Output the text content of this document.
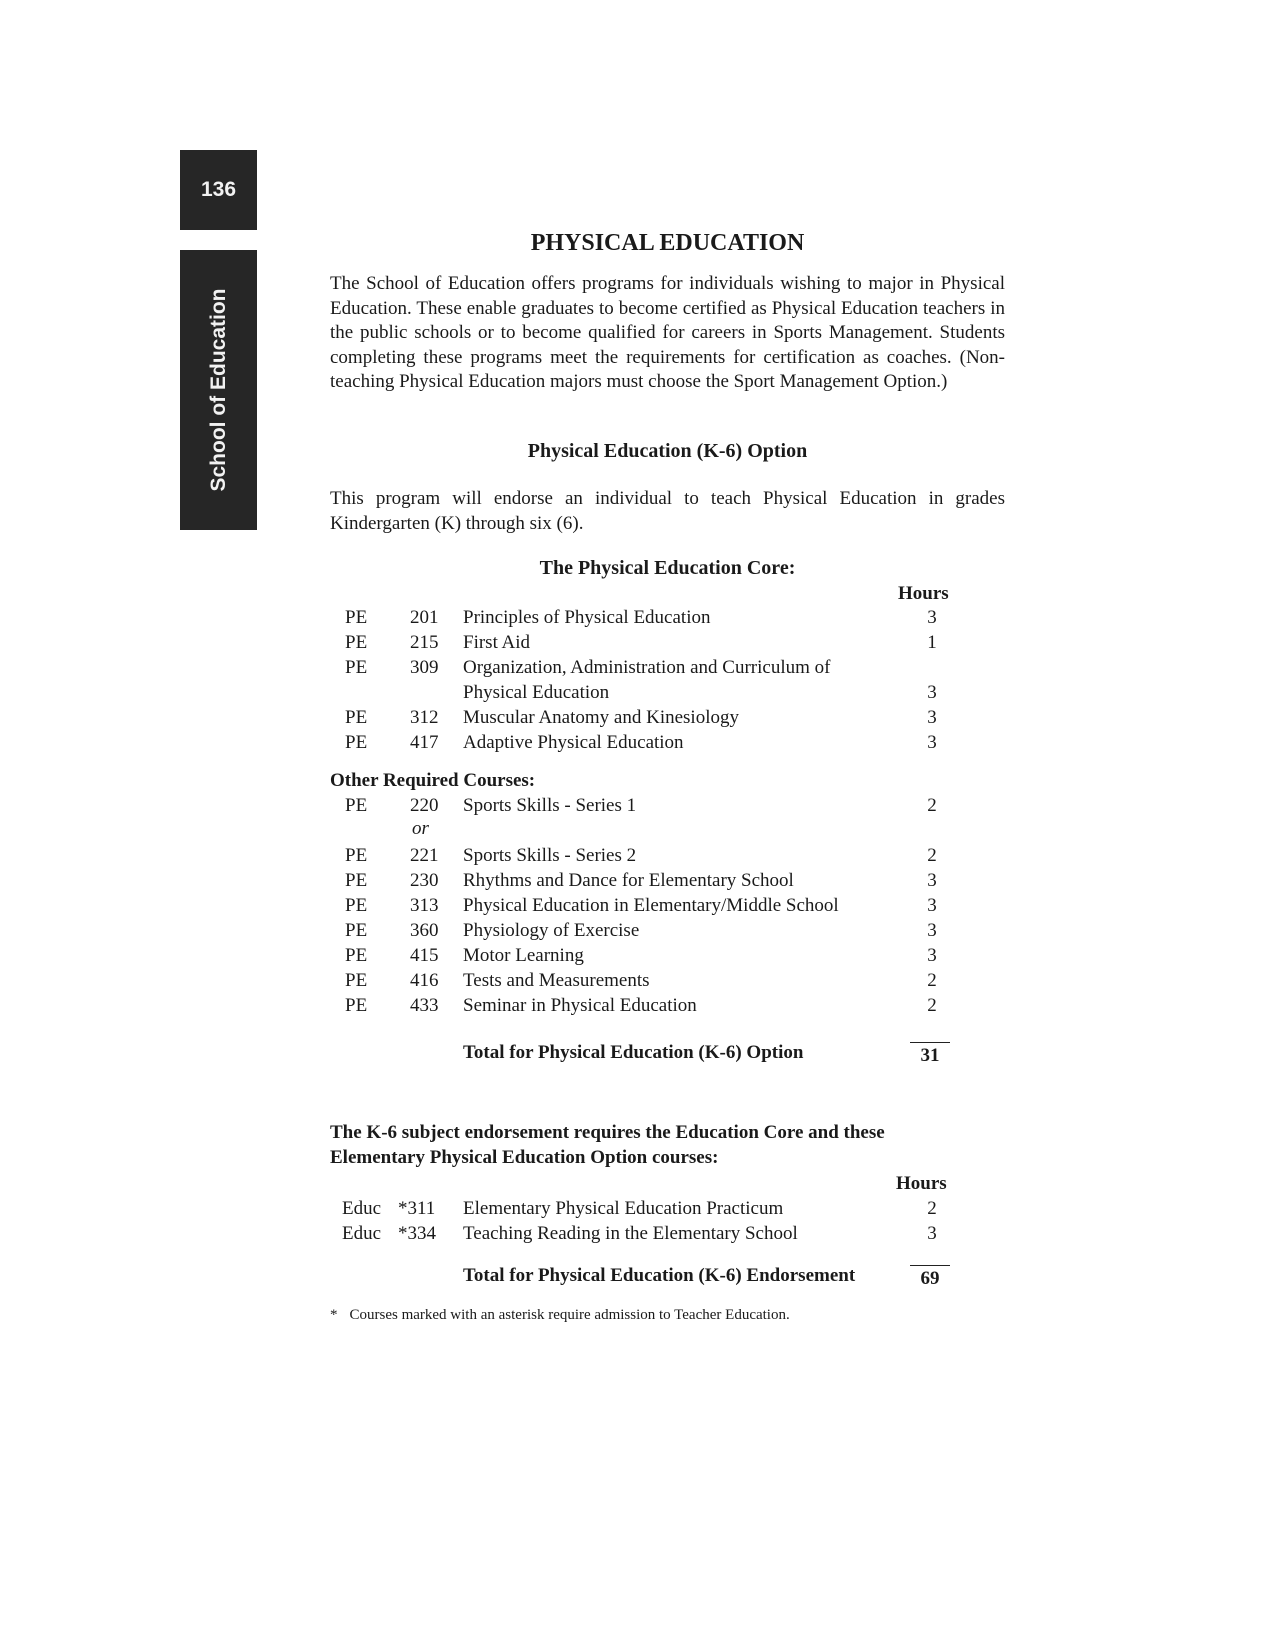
136
School of Education
PHYSICAL EDUCATION

The School of Education offers programs for individuals wishing to major in Physical Education. These enable graduates to become certified as Physical Education teachers in the public schools or to become qualified for careers in Sports Management. Students completing these programs meet the requirements for certification as coaches. (Non-teaching Physical Education majors must choose the Sport Management Option.)

Physical Education (K-6) Option

This program will endorse an individual to teach Physical Education in grades Kindergarten (K) through six (6).

The Physical Education Core:
Hours
PE 201 Principles of Physical Education	3
PE 215 First Aid	1
PE 309 Organization, Administration and Curriculum of
Physical Education	3
PE 312 Muscular Anatomy and Kinesiology	3
PE 417 Adaptive Physical Education	3
Other Required Courses:
PE 220 Sports Skills - Series 1	2
or
PE 221 Sports Skills - Series 2	2
PE 230 Rhythms and Dance for Elementary School	3
PE 313 Physical Education in Elementary/Middle School	3
PE 360 Physiology of Exercise	3
PE 415 Motor Learning	3
PE 416 Tests and Measurements	2
PE 433 Seminar in Physical Education	2
Total for Physical Education (K-6) Option	31

The K-6 subject endorsement requires the Education Core and these

Elementary Physical Education Option courses:

Hours
Educ *311 Elementary Physical Education Practicum	2
Educ *334 Teaching Reading in the Elementary School	3
Total for Physical Education (K-6) Endorsement	69
* Courses marked with an asterisk require admission to Teacher Education.
